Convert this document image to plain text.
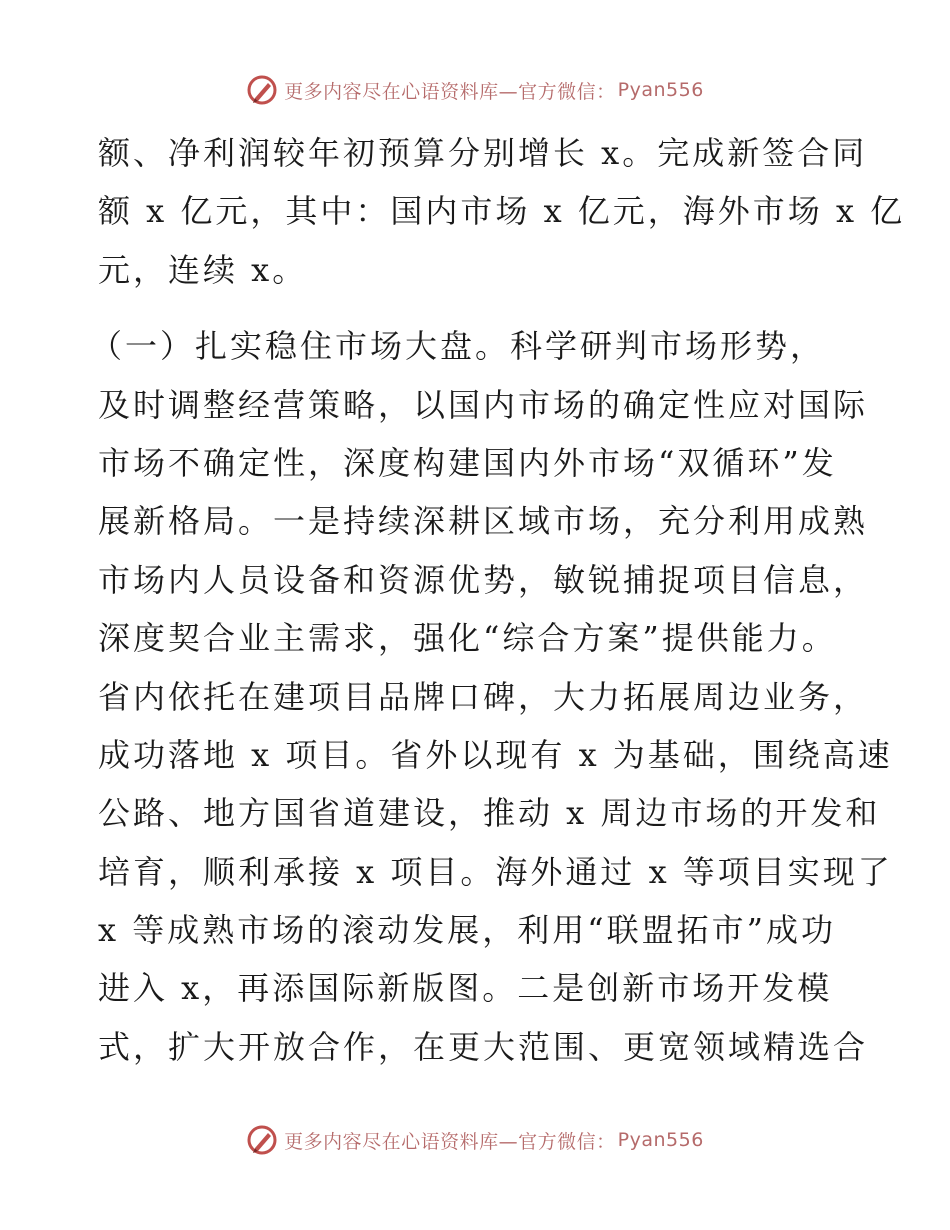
更多内容尽在心语资料库—官方微信： Pyan556
额、净利润较年初预算分别增长 x。完成新签合同
额 x 亿元，其中：国内市场 x 亿元，海外市场 x 亿
元，连续 x。
（一）扎实稳住市场大盘。科学研判市场形势，
及时调整经营策略，以国内市场的确定性应对国际
市场不确定性，深度构建国内外市场“双循环”发
展新格局。一是持续深耕区域市场，充分利用成熟
市场内人员设备和资源优势，敏锐捕捉项目信息，
深度契合业主需求，强化“综合方案”提供能力。
省内依托在建项目品牌口碑，大力拓展周边业务，
成功落地 x 项目。省外以现有 x 为基础，围绕高速
公路、地方国省道建设，推动 x 周边市场的开发和
培育，顺利承接 x 项目。海外通过 x 等项目实现了
x 等成熟市场的滚动发展，利用“联盟拓市”成功
进入 x，再添国际新版图。二是创新市场开发模
式，扩大开放合作，在更大范围、更宽领域精选合
更多内容尽在心语资料库—官方微信： Pyan556
